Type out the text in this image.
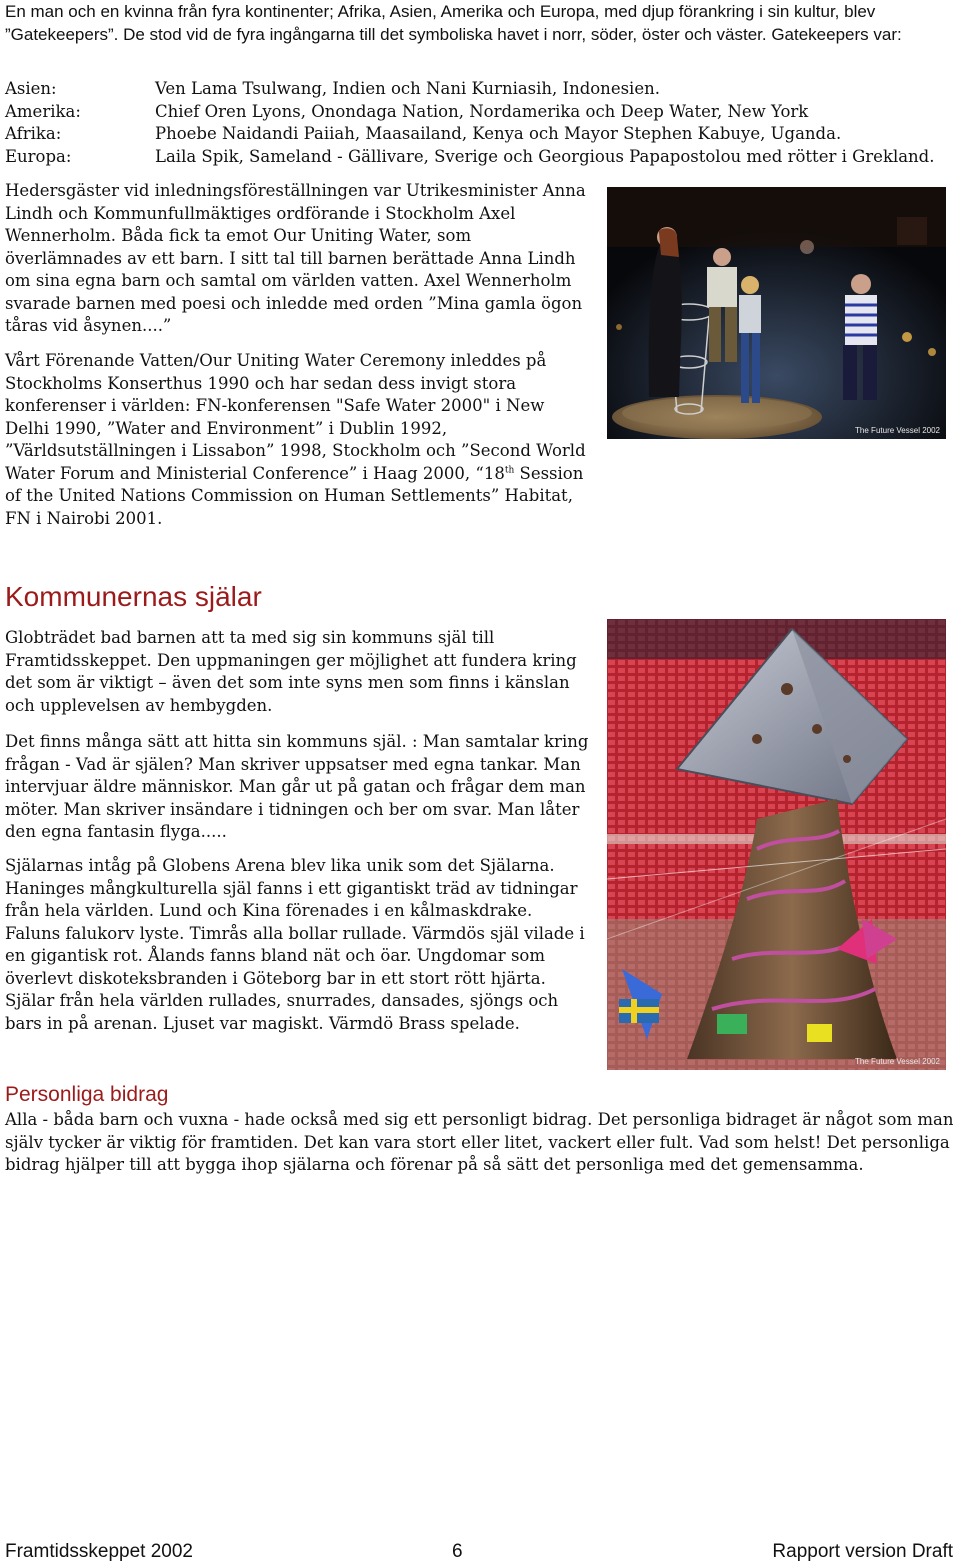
En man och en kvinna från fyra kontinenter; Afrika, Asien, Amerika och Europa, med djup förankring i sin kultur, blev ”Gatekeepers”. De stod vid de fyra ingångarna till det symboliska havet i norr, söder, öster och väster. Gatekeepers var:

Asien:	Ven Lama Tsulwang, Indien och Nani Kurniasih, Indonesien.
Amerika:	Chief Oren Lyons, Onondaga Nation, Nordamerika och Deep Water, New York
Afrika:	Phoebe Naidandi Paiiah, Maasailand, Kenya och Mayor Stephen Kabuye, Uganda.
Europa:	Laila Spik, Sameland - Gällivare, Sverige och Georgious Papapostolou med rötter i Grekland.

Hedersgäster vid inledningsföreställningen var Utrikesminister Anna Lindh och Kommunfullmäktiges ordförande i Stockholm Axel Wennerholm. Båda fick ta emot Our Uniting Water, som överlämnades av ett barn. I sitt tal till barnen berättade Anna Lindh om sina egna barn och samtal om världen vatten. Axel Wennerholm svarade barnen med poesi och inledde med orden ”Mina gamla ögon tåras vid åsynen....”

Vårt Förenande Vatten/Our Uniting Water Ceremony inleddes på Stockholms Konserthus 1990 och har sedan dess invigt stora konferenser i världen: FN-konferensen "Safe Water 2000" i New Delhi 1990, ”Water and Environment” i Dublin 1992, ”Världsutställningen i Lissabon” 1998, Stockholm och ”Second World Water Forum and Ministerial Conference” i Haag 2000, “18th Session of the United Nations Commission on Human Settlements” Habitat, FN i Nairobi 2001.

The Future Vessel 2002
Kommunernas själar

Globträdet bad barnen att ta med sig sin kommuns själ till Framtidsskeppet. Den uppmaningen ger möjlighet att fundera kring det som är viktigt – även det som inte syns men som finns i känslan och upplevelsen av hembygden.

Det finns många sätt att hitta sin kommuns själ. : Man samtalar kring frågan - Vad är själen? Man skriver uppsatser med egna tankar. Man intervjuar äldre människor. Man går ut på gatan och frågar dem man möter. Man skriver insändare i tidningen och ber om svar. Man låter den egna fantasin flyga.....

Själarnas intåg på Globens Arena blev lika unik som det Själarna. Haninges mångkulturella själ fanns i ett gigantiskt träd av tidningar från hela världen. Lund och Kina förenades i en kålmaskdrake. Faluns falukorv lyste. Timrås alla bollar rullade. Värmdös själ vilade i en gigantisk rot. Ålands fanns bland nät och öar. Ungdomar som överlevt diskoteksbranden i Göteborg bar in ett stort rött hjärta. Själar från hela världen rullades, snurrades, dansades, sjöngs och bars in på arenan. Ljuset var magiskt. Värmdö Brass spelade.

The Future Vessel 2002
Personliga bidrag

Alla - båda barn och vuxna - hade också med sig ett personligt bidrag. Det personliga bidraget är något som man själv tycker är viktig för framtiden. Det kan vara stort eller litet, vackert eller fult. Vad som helst! Det personliga bidrag hjälper till att bygga ihop själarna och förenar på så sätt det personliga med det gemensamma.

Framtidsskeppet 2002	6	Rapport version Draft
